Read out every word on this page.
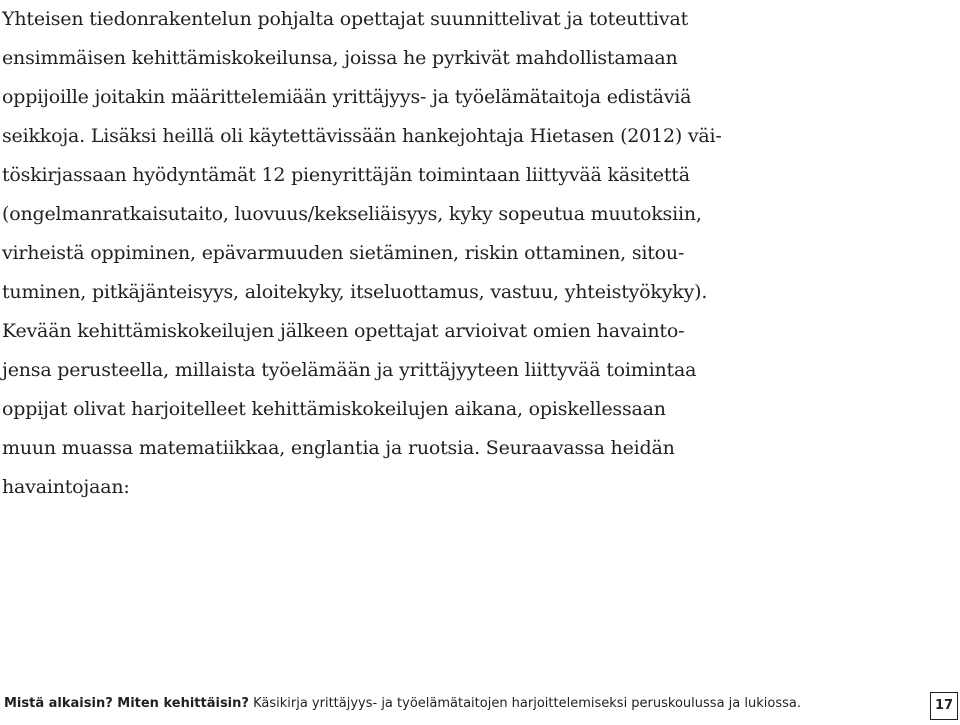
Yhteisen tiedonrakentelun pohjalta opettajat suunnittelivat ja toteuttivat
ensimmäisen kehittämiskokeilunsa, joissa he pyrkivät mahdollistamaan
oppijoille joitakin määrittelemiään yrittäjyys- ja työelämätaitoja edistäviä
seikkoja. Lisäksi heillä oli käytettävissään hankejohtaja Hietasen (2012) väi-
töskirjassaan hyödyntämät 12 pienyrittäjän toimintaan liittyvää käsitettä
(ongelmanratkaisutaito, luovuus/kekseliäisyys, kyky sopeutua muutoksiin,
virheistä oppiminen, epävarmuuden sietäminen, riskin ottaminen, sitou-
tuminen, pitkäjänteisyys, aloitekyky, itseluottamus, vastuu, yhteistyökyky).
Kevään kehittämiskokeilujen jälkeen opettajat arvioivat omien havainto-
jensa perusteella, millaista työelämään ja yrittäjyyteen liittyvää toimintaa
oppijat olivat harjoitelleet kehittämiskokeilujen aikana, opiskellessaan
muun muassa matematiikkaa, englantia ja ruotsia. Seuraavassa heidän
havaintojaan:
Mistä alkaisin? Miten kehittäisin? Käsikirja yrittäjyys- ja työelämätaitojen harjoittelemiseksi peruskoulussa ja lukiossa.	17
